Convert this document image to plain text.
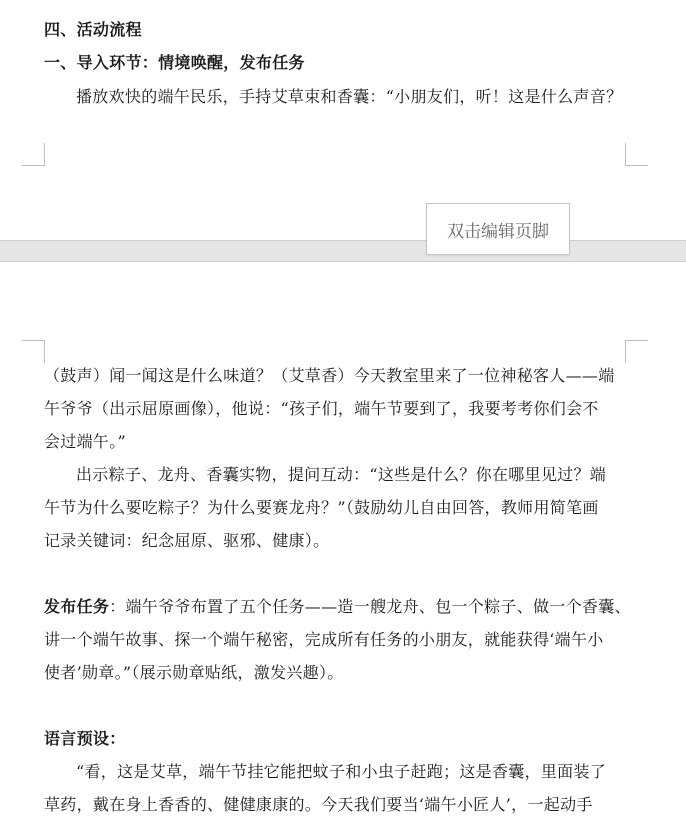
四、活动流程
一、导入环节：情境唤醒，发布任务
播放欢快的端午民乐，手持艾草束和香囊：“小朋友们，听！这是什么声音？
双击编辑页脚
（鼓声）闻一闻这是什么味道？（艾草香）今天教室里来了一位神秘客人——端
午爷爷（出示屈原画像），他说：“孩子们，端午节要到了，我要考考你们会不
会过端午。”
出示粽子、龙舟、香囊实物，提问互动：“这些是什么？你在哪里见过？端
午节为什么要吃粽子？为什么要赛龙舟？”（鼓励幼儿自由回答，教师用简笔画
记录关键词：纪念屈原、驱邪、健康）。
发布任务：端午爷爷布置了五个任务——造一艘龙舟、包一个粽子、做一个香囊、
讲一个端午故事、探一个端午秘密，完成所有任务的小朋友，就能获得‘端午小
使者’勋章。”（展示勋章贴纸，激发兴趣）。
语言预设：
“看，这是艾草，端午节挂它能把蚊子和小虫子赶跑；这是香囊，里面装了
草药，戴在身上香香的、健健康康的。今天我们要当‘端午小匠人’，一起动手
